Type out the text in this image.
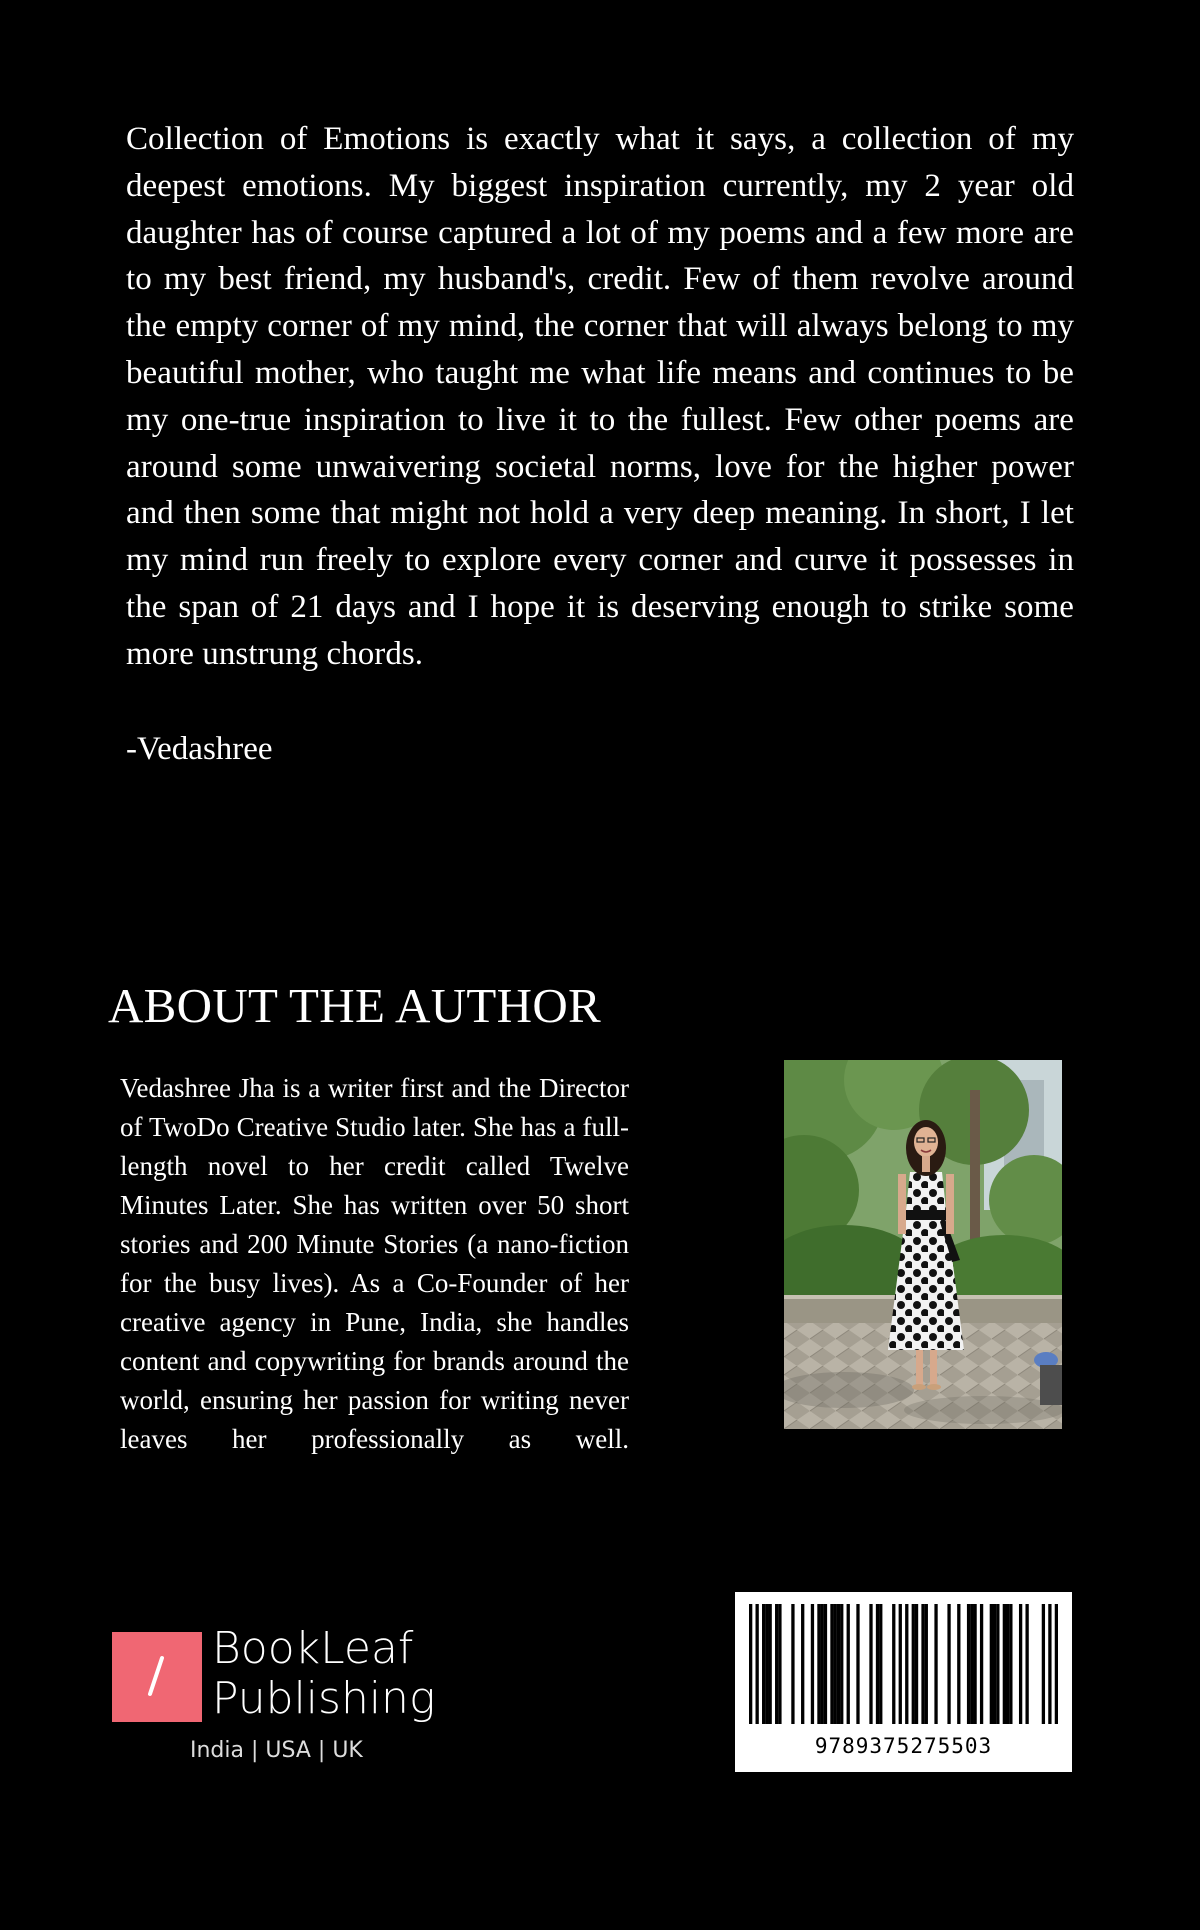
Collection of Emotions is exactly what it says, a collection of my deepest emotions. My biggest inspiration currently, my 2 year old daughter has of course captured a lot of my poems and a few more are to my best friend, my husband's, credit. Few of them revolve around the empty corner of my mind, the corner that will always belong to my beautiful mother, who taught me what life means and continues to be my one-true inspiration to live it to the fullest. Few other poems are around some unwaivering societal norms, love for the higher power and then some that might not hold a very deep meaning. In short, I let my mind run freely to explore every corner and curve it possesses in the span of 21 days and I hope it is deserving enough to strike some more unstrung chords.

-Vedashree

ABOUT THE AUTHOR

Vedashree Jha is a writer first and the Director of TwoDo Creative Studio later. She has a full-length novel to her credit called Twelve Minutes Later. She has written over 50 short stories and 200 Minute Stories (a nano-fiction for the busy lives). As a Co-Founder of her creative agency in Pune, India, she handles content and copywriting for brands around the world, ensuring her passion for writing never leaves her professionally as well.

BookLeaf
Publishing
India | USA | UK	9789375275503
